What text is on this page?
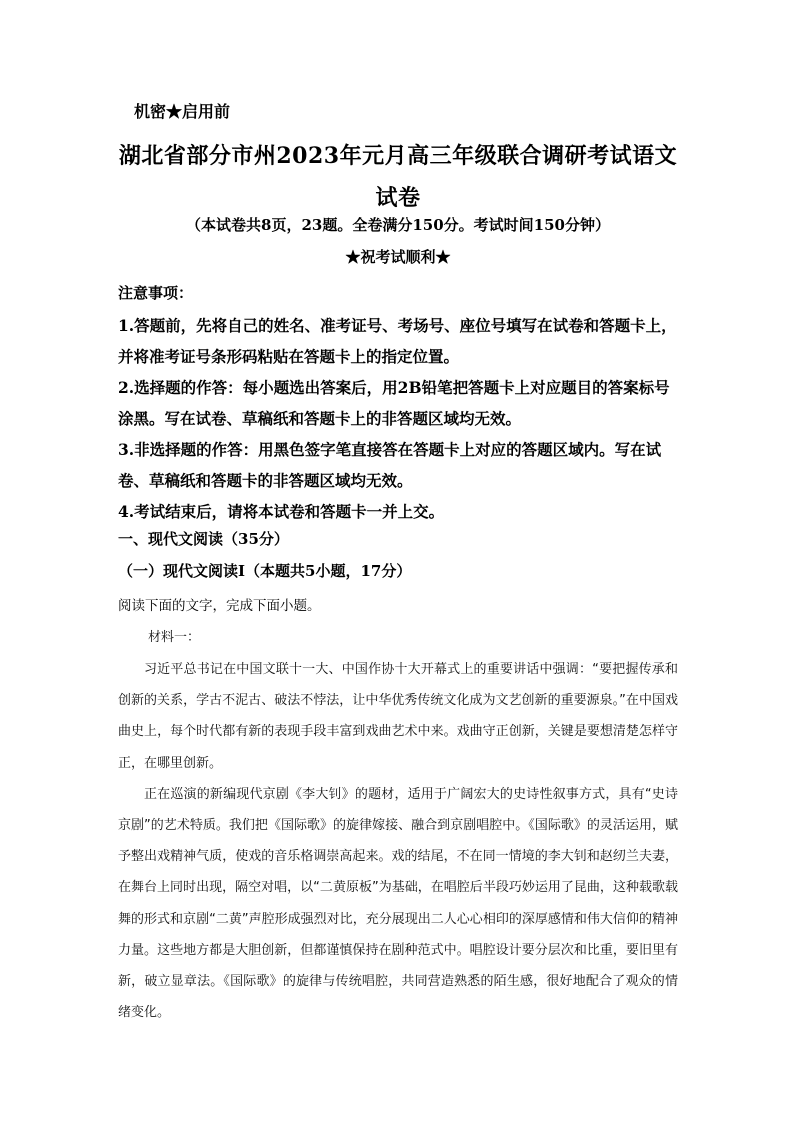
机密★启用前
湖北省部分市州2023年元月高三年级联合调研考试语文试卷
（本试卷共8页，23题。全卷满分150分。考试时间150分钟）
★祝考试顺利★
注意事项：

1.答题前，先将自己的姓名、准考证号、考场号、座位号填写在试卷和答题卡上，并将准考证号条形码粘贴在答题卡上的指定位置。

2.选择题的作答：每小题选出答案后，用2B铅笔把答题卡上对应题目的答案标号涂黑。写在试卷、草稿纸和答题卡上的非答题区域均无效。

3.非选择题的作答：用黑色签字笔直接答在答题卡上对应的答题区域内。写在试卷、草稿纸和答题卡的非答题区域均无效。

4.考试结束后，请将本试卷和答题卡一并上交。

一、现代文阅读（35分）
（一）现代文阅读Ⅰ（本题共5小题，17分）
阅读下面的文字，完成下面小题。
材料一：

习近平总书记在中国文联十一大、中国作协十大开幕式上的重要讲话中强调：“要把握传承和创新的关系，学古不泥古、破法不悖法，让中华优秀传统文化成为文艺创新的重要源泉。”在中国戏曲史上，每个时代都有新的表现手段丰富到戏曲艺术中来。戏曲守正创新，关键是要想清楚怎样守正，在哪里创新。

正在巡演的新编现代京剧《李大钊》的题材，适用于广阔宏大的史诗性叙事方式，具有“史诗京剧”的艺术特质。我们把《国际歌》的旋律嫁接、融合到京剧唱腔中。《国际歌》的灵活运用，赋予整出戏精神气质，使戏的音乐格调崇高起来。戏的结尾，不在同一情境的李大钊和赵纫兰夫妻，在舞台上同时出现，隔空对唱，以“二黄原板”为基础，在唱腔后半段巧妙运用了昆曲，这种载歌载舞的形式和京剧“二黄”声腔形成强烈对比，充分展现出二人心心相印的深厚感情和伟大信仰的精神力量。这些地方都是大胆创新，但都谨慎保持在剧种范式中。唱腔设计要分层次和比重，要旧里有新，破立显章法。《国际歌》的旋律与传统唱腔，共同营造熟悉的陌生感，很好地配合了观众的情绪变化。
